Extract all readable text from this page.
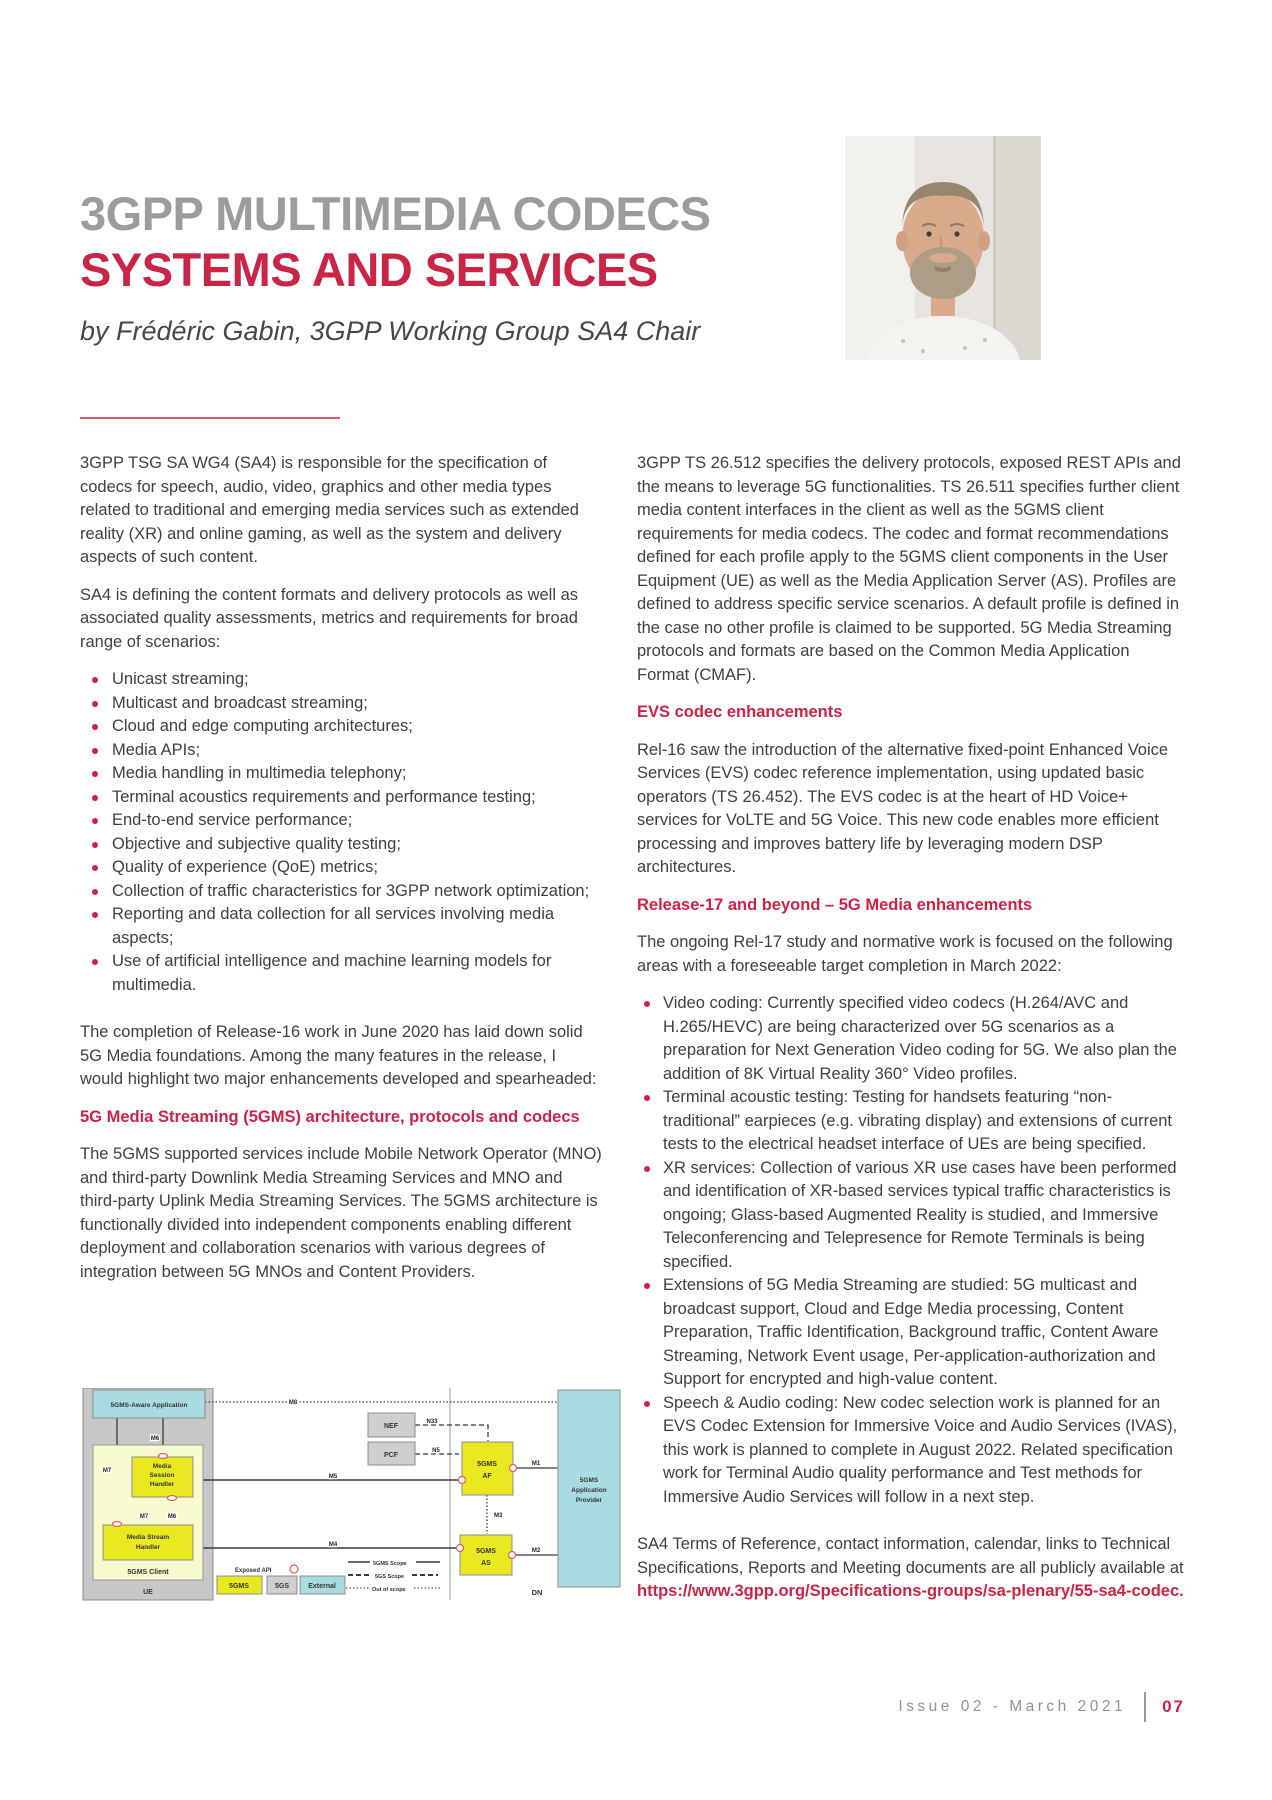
3GPP MULTIMEDIA CODECS
SYSTEMS AND SERVICES
by Frédéric Gabin, 3GPP Working Group SA4 Chair

3GPP TSG SA WG4 (SA4) is responsible for the specification of codecs for speech, audio, video, graphics and other media types related to traditional and emerging media services such as extended reality (XR) and online gaming, as well as the system and delivery aspects of such content.

SA4 is defining the content formats and delivery protocols as well as associated quality assessments, metrics and requirements for broad range of scenarios:

Unicast streaming;
Multicast and broadcast streaming;
Cloud and edge computing architectures;
Media APIs;
Media handling in multimedia telephony;
Terminal acoustics requirements and performance testing;
End-to-end service performance;
Objective and subjective quality testing;
Quality of experience (QoE) metrics;
Collection of traffic characteristics for 3GPP network optimization;
Reporting and data collection for all services involving media aspects;
Use of artificial intelligence and machine learning models for multimedia.

The completion of Release-16 work in June 2020 has laid down solid 5G Media foundations. Among the many features in the release, I would highlight two major enhancements developed and spearheaded:

5G Media Streaming (5GMS) architecture, protocols and codecs

The 5GMS supported services include Mobile Network Operator (MNO) and third-party Downlink Media Streaming Services and MNO and third-party Uplink Media Streaming Services. The 5GMS architecture is functionally divided into independent components enabling different deployment and collaboration scenarios with various degrees of integration between 5G MNOs and Content Providers.

3GPP TS 26.512 specifies the delivery protocols, exposed REST APIs and the means to leverage 5G functionalities. TS 26.511 specifies further client media content interfaces in the client as well as the 5GMS client requirements for media codecs. The codec and format recommendations defined for each profile apply to the 5GMS client components in the User Equipment (UE) as well as the Media Application Server (AS). Profiles are defined to address specific service scenarios. A default profile is defined in the case no other profile is claimed to be supported. 5G Media Streaming protocols and formats are based on the Common Media Application Format (CMAF).

EVS codec enhancements

Rel-16 saw the introduction of the alternative fixed-point Enhanced Voice Services (EVS) codec reference implementation, using updated basic operators (TS 26.452). The EVS codec is at the heart of HD Voice+ services for VoLTE and 5G Voice. This new code enables more efficient processing and improves battery life by leveraging modern DSP architectures.

Release-17 and beyond – 5G Media enhancements

The ongoing Rel-17 study and normative work is focused on the following areas with a foreseeable target completion in March 2022:

Video coding: Currently specified video codecs (H.264/AVC and H.265/HEVC) are being characterized over 5G scenarios as a preparation for Next Generation Video coding for 5G. We also plan the addition of 8K Virtual Reality 360° Video profiles.
Terminal acoustic testing: Testing for handsets featuring “non-traditional” earpieces (e.g. vibrating display) and extensions of current tests to the electrical headset interface of UEs are being specified.
XR services: Collection of various XR use cases have been performed and identification of XR-based services typical traffic characteristics is ongoing; Glass-based Augmented Reality is studied, and Immersive Teleconferencing and Telepresence for Remote Terminals is being specified.
Extensions of 5G Media Streaming are studied: 5G multicast and broadcast support, Cloud and Edge Media processing, Content Preparation, Traffic Identification, Background traffic, Content Aware Streaming, Network Event usage, Per-application-authorization and Support for encrypted and high-value content.
Speech & Audio coding: New codec selection work is planned for an EVS Codec Extension for Immersive Voice and Audio Services (IVAS), this work is planned to complete in August 2022. Related specification work for Terminal Audio quality performance and Test methods for Immersive Audio Services will follow in a next step.

SA4 Terms of Reference, contact information, calendar, links to Technical Specifications, Reports and Meeting documents are all publicly available at https://www.3gpp.org/Specifications-groups/sa-plenary/55-sa4-codec.

5GMS-Aware Application
Media
Session
Handler
Media Stream
Handler
5GMS Client
UE
NEF
PCF
5GMS
AF
5GMS
AS
5GMS
Application
Provider
DN
M8
M7
M6
M7	M6
M5
M4
N33
N5
M3
M1
M2
Exposed API
5GMS	5GS	External
5GMS Scope
5GS Scope
Out of scope
Issue 02 - March 2021 07
